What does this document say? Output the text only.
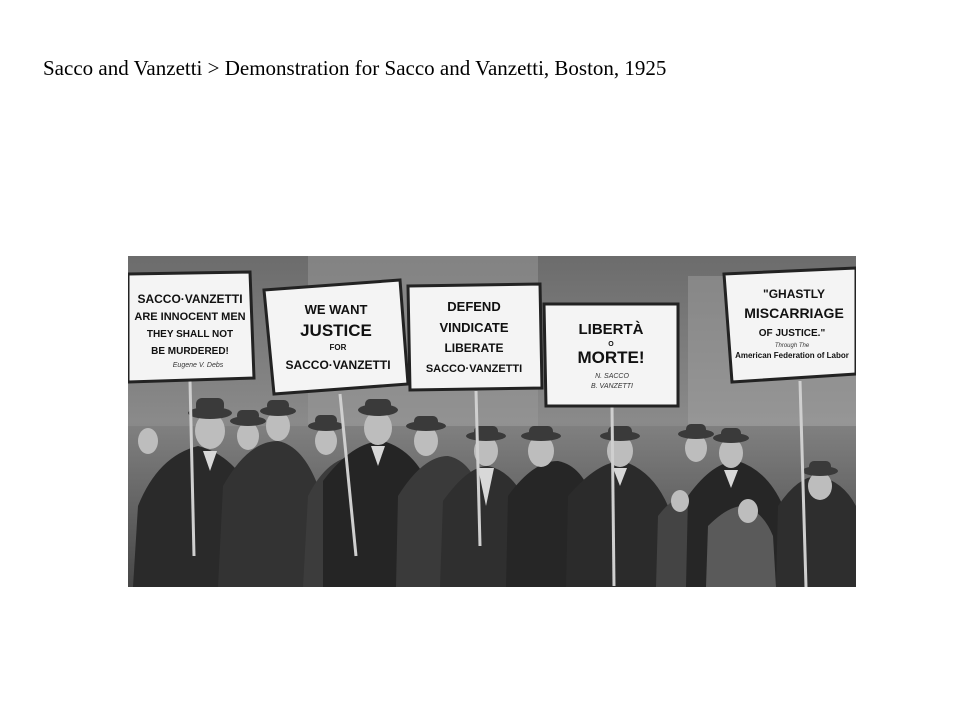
Sacco and Vanzetti > Demonstration for Sacco and Vanzetti, Boston, 1925
SACCO·VANZETTI
ARE INNOCENT MEN
THEY SHALL NOT
BE MURDERED!
Eugene V. Debs
WE WANT
JUSTICE
FOR
SACCO·VANZETTI
DEFEND
VINDICATE
LIBERATE
SACCO·VANZETTI
LIBERTÀ
O
MORTE!
N. SACCO
B. VANZETTI
"GHASTLY
MISCARRIAGE
OF JUSTICE."
Through The
American Federation of Labor
